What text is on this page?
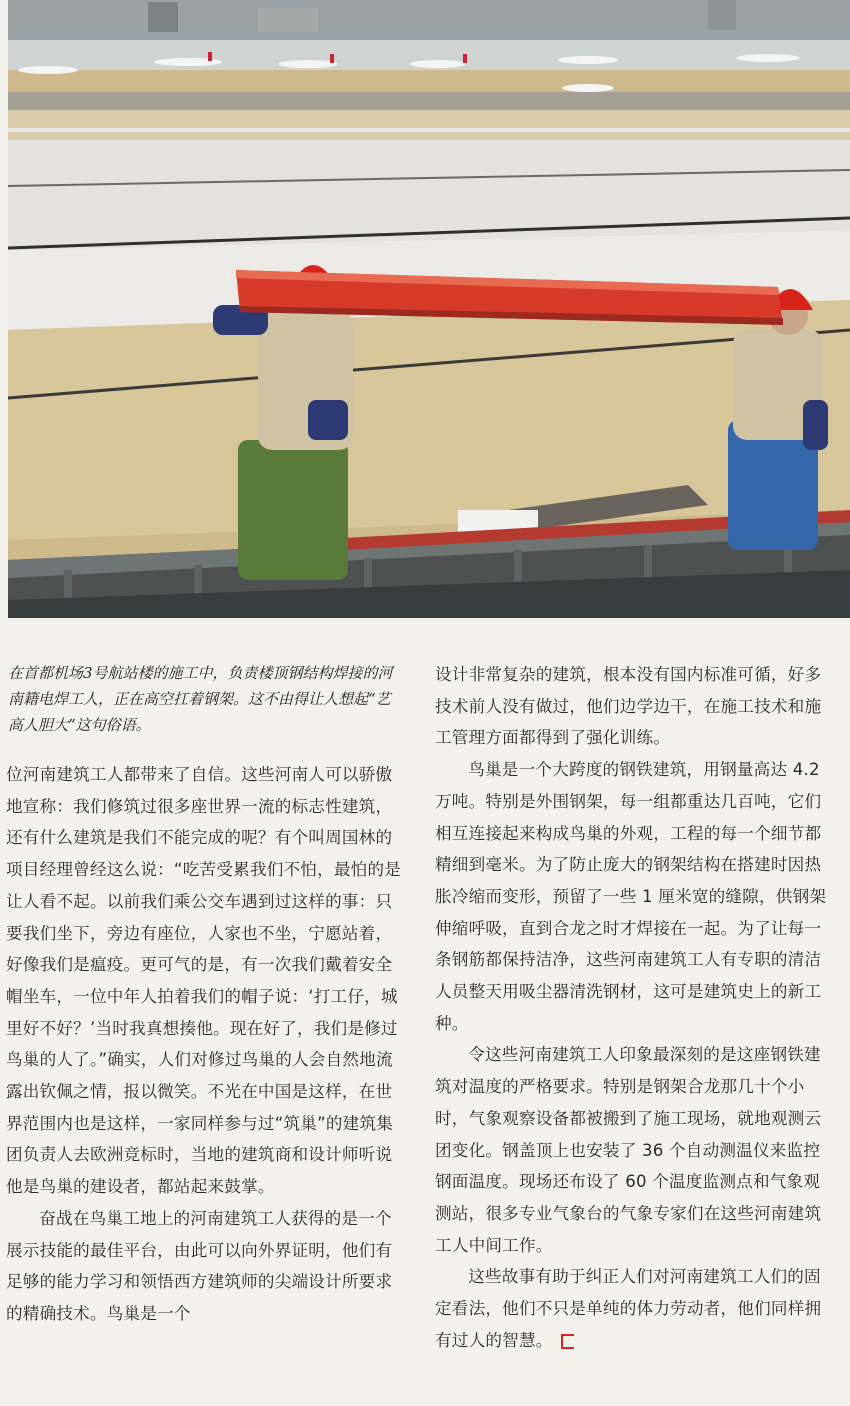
在首都机场3号航站楼的施工中，负责楼顶钢结构焊接的河南籍电焊工人，正在高空扛着钢架。这不由得让人想起“艺高人胆大”这句俗语。

位河南建筑工人都带来了自信。这些河南人可以骄傲地宣称：我们修筑过很多座世界一流的标志性建筑，还有什么建筑是我们不能完成的呢？有个叫周国林的项目经理曾经这么说：“吃苦受累我们不怕，最怕的是让人看不起。以前我们乘公交车遇到过这样的事：只要我们坐下，旁边有座位，人家也不坐，宁愿站着，好像我们是瘟疫。更可气的是，有一次我们戴着安全帽坐车，一位中年人拍着我们的帽子说：‘打工仔，城里好不好？’当时我真想揍他。现在好了，我们是修过鸟巢的人了。”确实，人们对修过鸟巢的人会自然地流露出钦佩之情，报以微笑。不光在中国是这样，在世界范围内也是这样，一家同样参与过“筑巢”的建筑集团负责人去欧洲竞标时，当地的建筑商和设计师听说他是鸟巢的建设者，都站起来鼓掌。

奋战在鸟巢工地上的河南建筑工人获得的是一个展示技能的最佳平台，由此可以向外界证明，他们有足够的能力学习和领悟西方建筑师的尖端设计所要求的精确技术。鸟巢是一个

设计非常复杂的建筑，根本没有国内标准可循，好多技术前人没有做过，他们边学边干，在施工技术和施工管理方面都得到了强化训练。

鸟巢是一个大跨度的钢铁建筑，用钢量高达 4.2 万吨。特别是外围钢架，每一组都重达几百吨，它们相互连接起来构成鸟巢的外观，工程的每一个细节都精细到毫米。为了防止庞大的钢架结构在搭建时因热胀冷缩而变形，预留了一些 1 厘米宽的缝隙，供钢架伸缩呼吸，直到合龙之时才焊接在一起。为了让每一条钢筋都保持洁净，这些河南建筑工人有专职的清洁人员整天用吸尘器清洗钢材，这可是建筑史上的新工种。

令这些河南建筑工人印象最深刻的是这座钢铁建筑对温度的严格要求。特别是钢架合龙那几十个小时，气象观察设备都被搬到了施工现场，就地观测云团变化。钢盖顶上也安装了 36 个自动测温仪来监控钢面温度。现场还布设了 60 个温度监测点和气象观测站，很多专业气象台的气象专家们在这些河南建筑工人中间工作。

这些故事有助于纠正人们对河南建筑工人们的固定看法，他们不只是单纯的体力劳动者，他们同样拥有过人的智慧。
